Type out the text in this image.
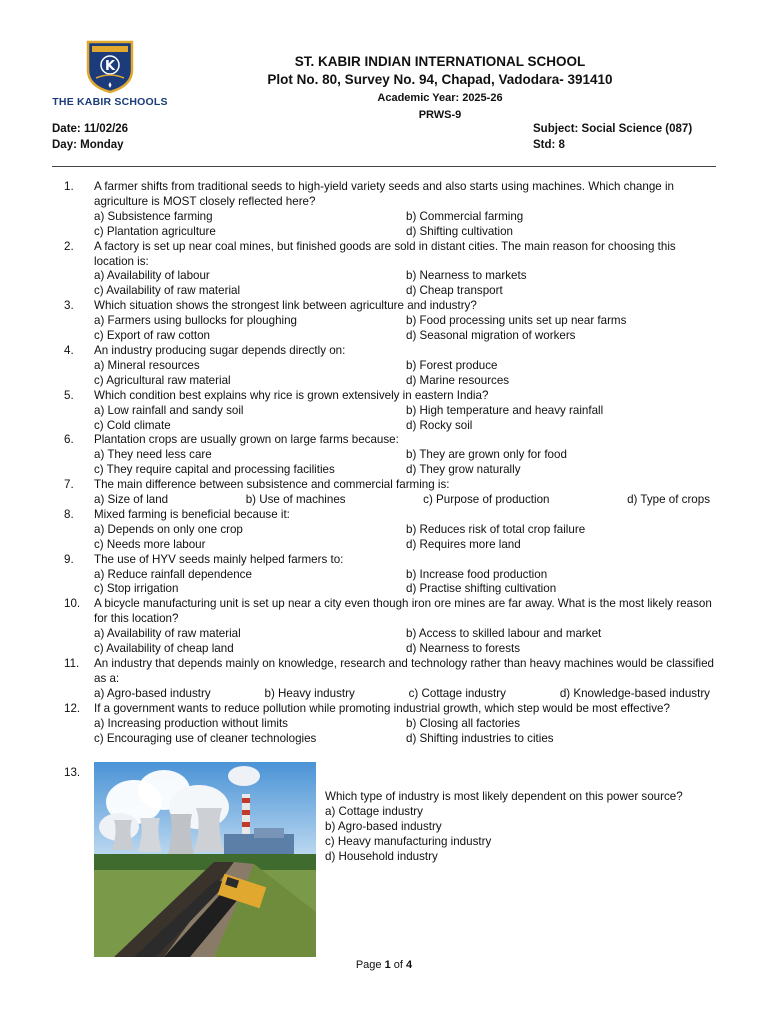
K
THE KABIR SCHOOLS
ST. KABIR INDIAN INTERNATIONAL SCHOOL
Plot No. 80, Survey No. 94, Chapad, Vadodara- 391410
Academic Year: 2025-26
PRWS-9
Date: 11/02/26
Day: Monday
Subject: Social Science (087)
Std: 8
1.	A farmer shifts from traditional seeds to high-yield variety seeds and also starts using machines. Which change in agriculture is MOST closely reflected here?
a) Subsistence farming	b) Commercial farming
c) Plantation agriculture	d) Shifting cultivation
2.	A factory is set up near coal mines, but finished goods are sold in distant cities. The main reason for choosing this location is:
a) Availability of labour	b) Nearness to markets
c) Availability of raw material	d) Cheap transport
3.	Which situation shows the strongest link between agriculture and industry?
a) Farmers using bullocks for ploughing	b) Food processing units set up near farms
c) Export of raw cotton	d) Seasonal migration of workers
4.	An industry producing sugar depends directly on:
a) Mineral resources	b) Forest produce
c) Agricultural raw material	d) Marine resources
5.	Which condition best explains why rice is grown extensively in eastern India?
a) Low rainfall and sandy soil	b) High temperature and heavy rainfall
c) Cold climate	d) Rocky soil
6.	Plantation crops are usually grown on large farms because:
a) They need less care	b) They are grown only for food
c) They require capital and processing facilities	d) They grow naturally
7.	The main difference between subsistence and commercial farming is:
a) Size of land	b) Use of machines	c) Purpose of production	d) Type of crops
8.	Mixed farming is beneficial because it:
a) Depends on only one crop	b) Reduces risk of total crop failure
c) Needs more labour	d) Requires more land
9.	The use of HYV seeds mainly helped farmers to:
a) Reduce rainfall dependence	b) Increase food production
c) Stop irrigation	d) Practise shifting cultivation
10.	A bicycle manufacturing unit is set up near a city even though iron ore mines are far away. What is the most likely reason for this location?
a) Availability of raw material	b) Access to skilled labour and market
c) Availability of cheap land	d) Nearness to forests
11.	An industry that depends mainly on knowledge, research and technology rather than heavy machines would be classified as a:
a) Agro-based industry	b) Heavy industry	c) Cottage industry	d) Knowledge-based industry
12.	If a government wants to reduce pollution while promoting industrial growth, which step would be most effective?
a) Increasing production without limits	b) Closing all factories
c) Encouraging use of cleaner technologies	d) Shifting industries to cities
13.
Which type of industry is most likely dependent on this power source?
a) Cottage industry
b) Agro-based industry
c) Heavy manufacturing industry
d) Household industry
Page 1 of 4
